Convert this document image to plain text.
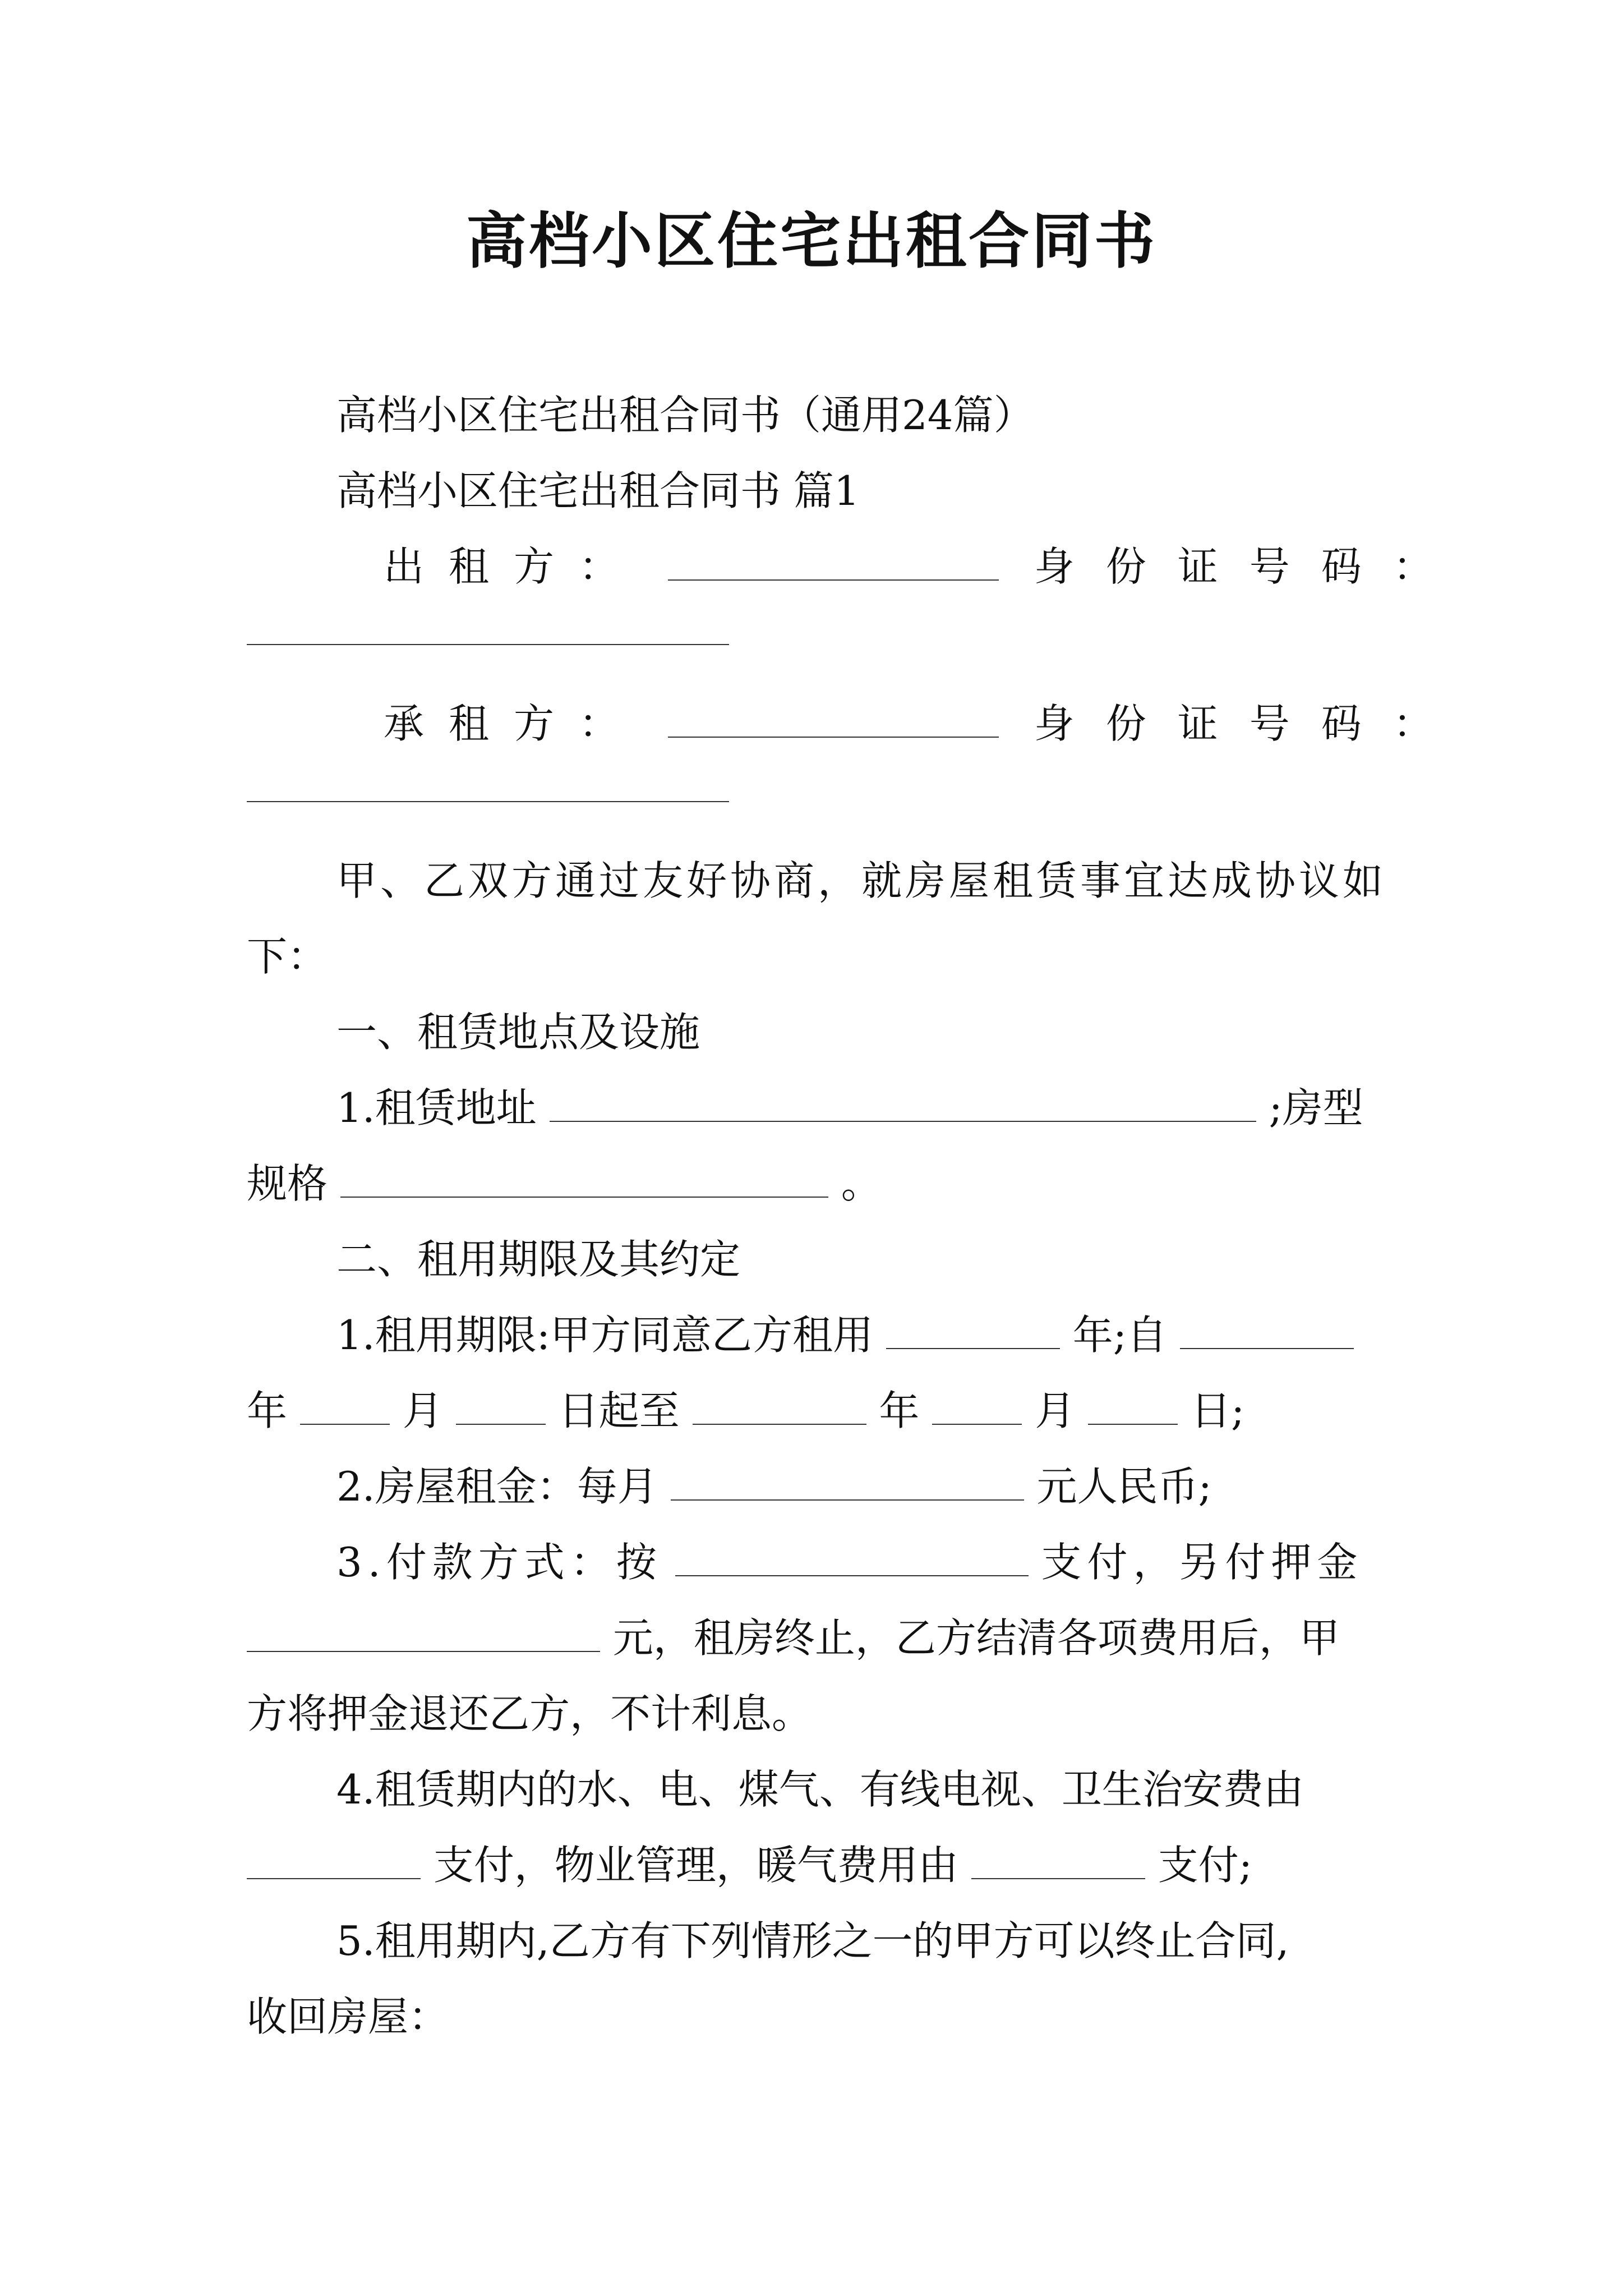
高档小区住宅出租合同书
高档小区住宅出租合同书（通用24篇）
高档小区住宅出租合同书 篇1
出租方：	身份证号码：
承租方：	身份证号码：
甲、乙双方通过友好协商，就房屋租赁事宜达成协议如
下：
一、租赁地点及设施
1.租赁地址	;房型
规格	。
二、租用期限及其约定
1.租用期限:甲方同意乙方租用	年;自
年	月	日起至	年	月	日;
2.房屋租金：每月	元人民币;
3.付款方式：按	支付，另付押金
元，租房终止，乙方结清各项费用后，甲
方将押金退还乙方，不计利息。
4.租赁期内的水、电、煤气、有线电视、卫生治安费由
支付，物业管理，暖气费用由	支付;
5.租用期内,乙方有下列情形之一的甲方可以终止合同,
收回房屋：
